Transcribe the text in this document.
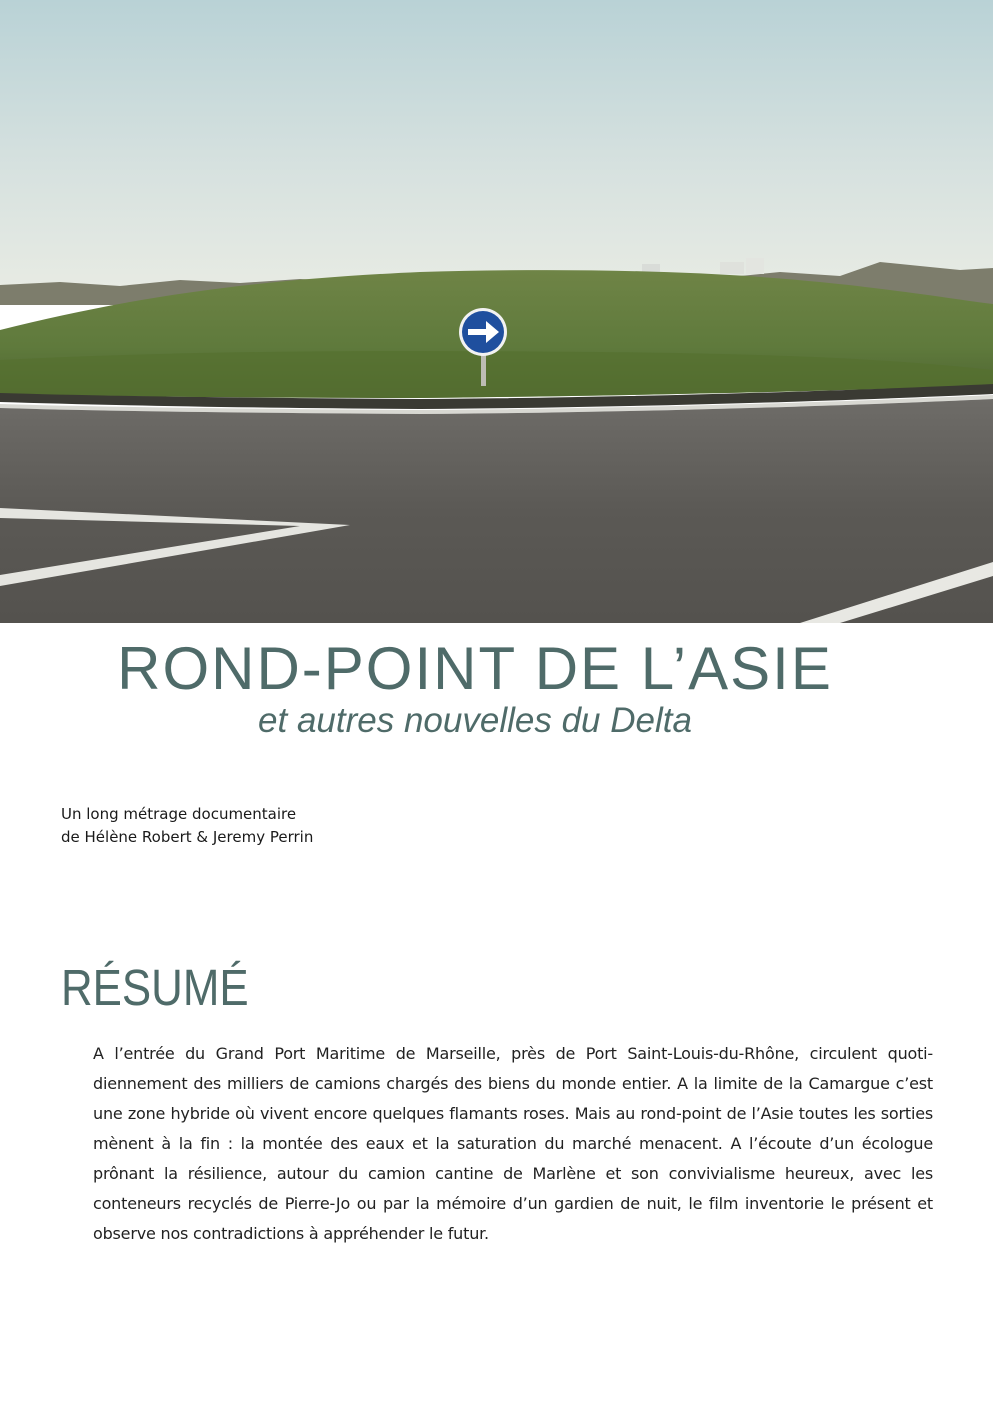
ROND-POINT DE L’ASIE
et autres nouvelles du Delta
Un long métrage documentaire
de Hélène Robert & Jeremy Perrin
RÉSUMÉ

A l’entrée du Grand Port Maritime de Marseille, près de Port Saint-Louis-du-Rhône, circulent quoti-diennement des milliers de camions chargés des biens du monde entier. A la limite de la Camargue c’est une zone hybride où vivent encore quelques flamants roses. Mais au rond-point de l’Asie toutes les sorties mènent à la fin : la montée des eaux et la saturation du marché menacent. A l’écoute d’un écologue prônant la résilience, autour du camion cantine de Marlène et son convivialisme heureux, avec les conteneurs recyclés de Pierre-Jo ou par la mémoire d’un gardien de nuit, le film inventorie le présent et observe nos contradictions à appréhender le futur.
